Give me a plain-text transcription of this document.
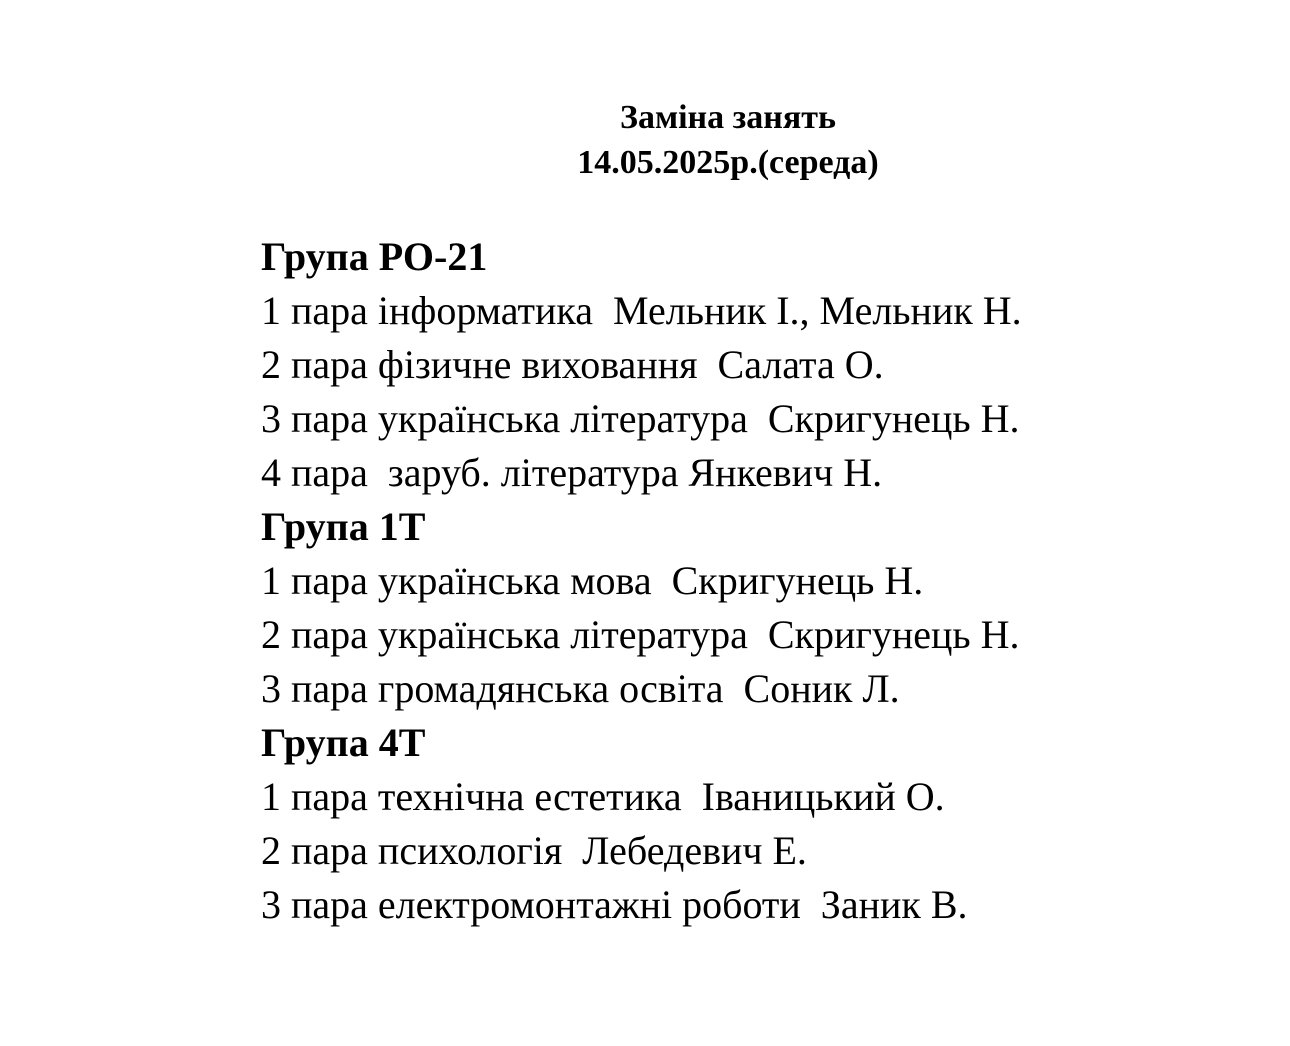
Заміна занять
14.05.2025р.(середа)
Група РО-21
1 пара інформатика  Мельник І., Мельник Н.
2 пара фізичне виховання  Салата О.
3 пара українська література  Скригунець Н.
4 пара  заруб. література Янкевич Н.
Група 1Т
1 пара українська мова  Скригунець Н.
2 пара українська література  Скригунець Н.
3 пара громадянська освіта  Соник Л.
Група 4Т
1 пара технічна естетика  Іваницький О.
2 пара психологія  Лебедевич Е.
3 пара електромонтажні роботи  Заник В.
